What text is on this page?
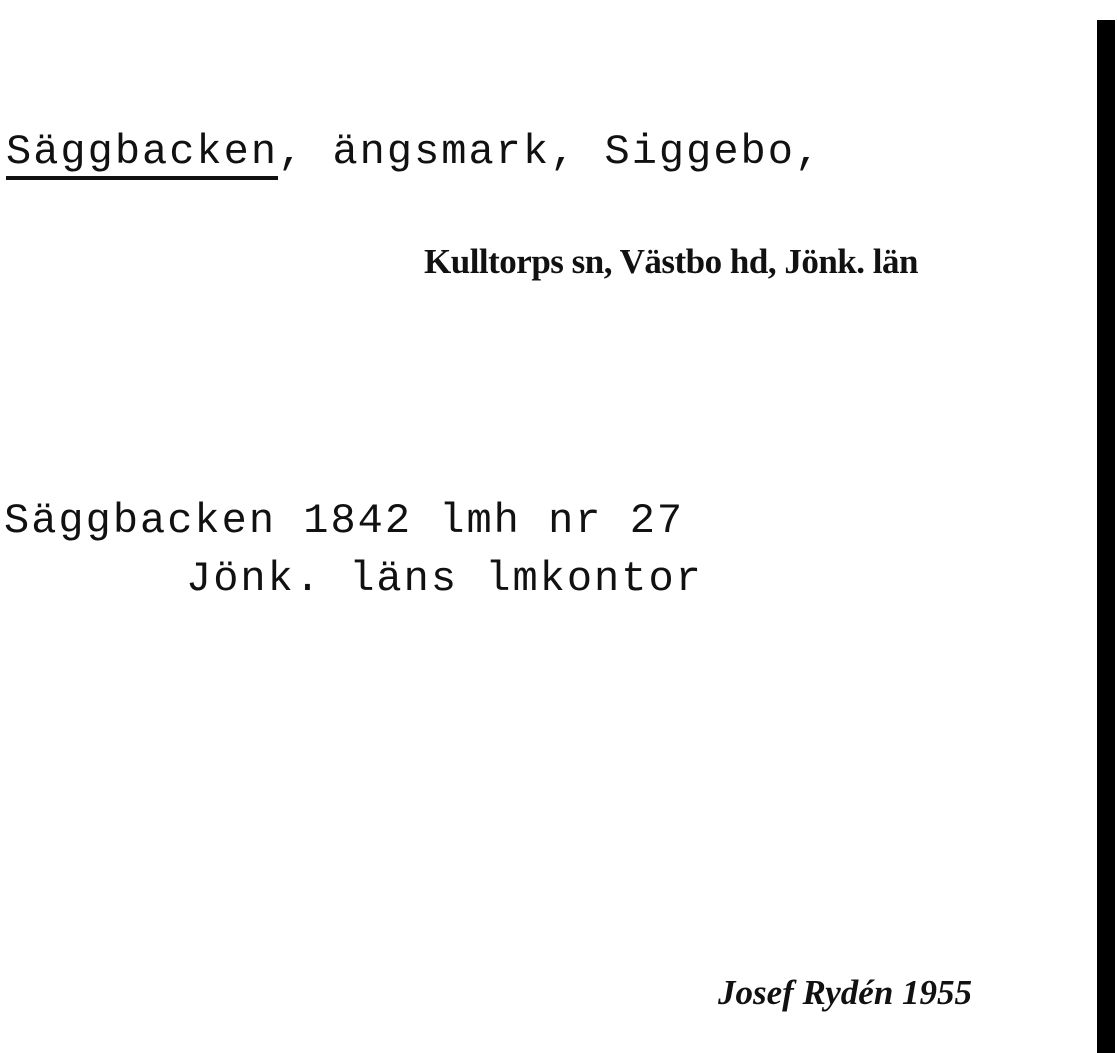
Säggbacken, ängsmark, Siggebo,
Kulltorps sn, Västbo hd, Jönk. län
Säggbacken 1842 lmh nr 27
Jönk. läns lmkontor
Josef Rydén 1955
